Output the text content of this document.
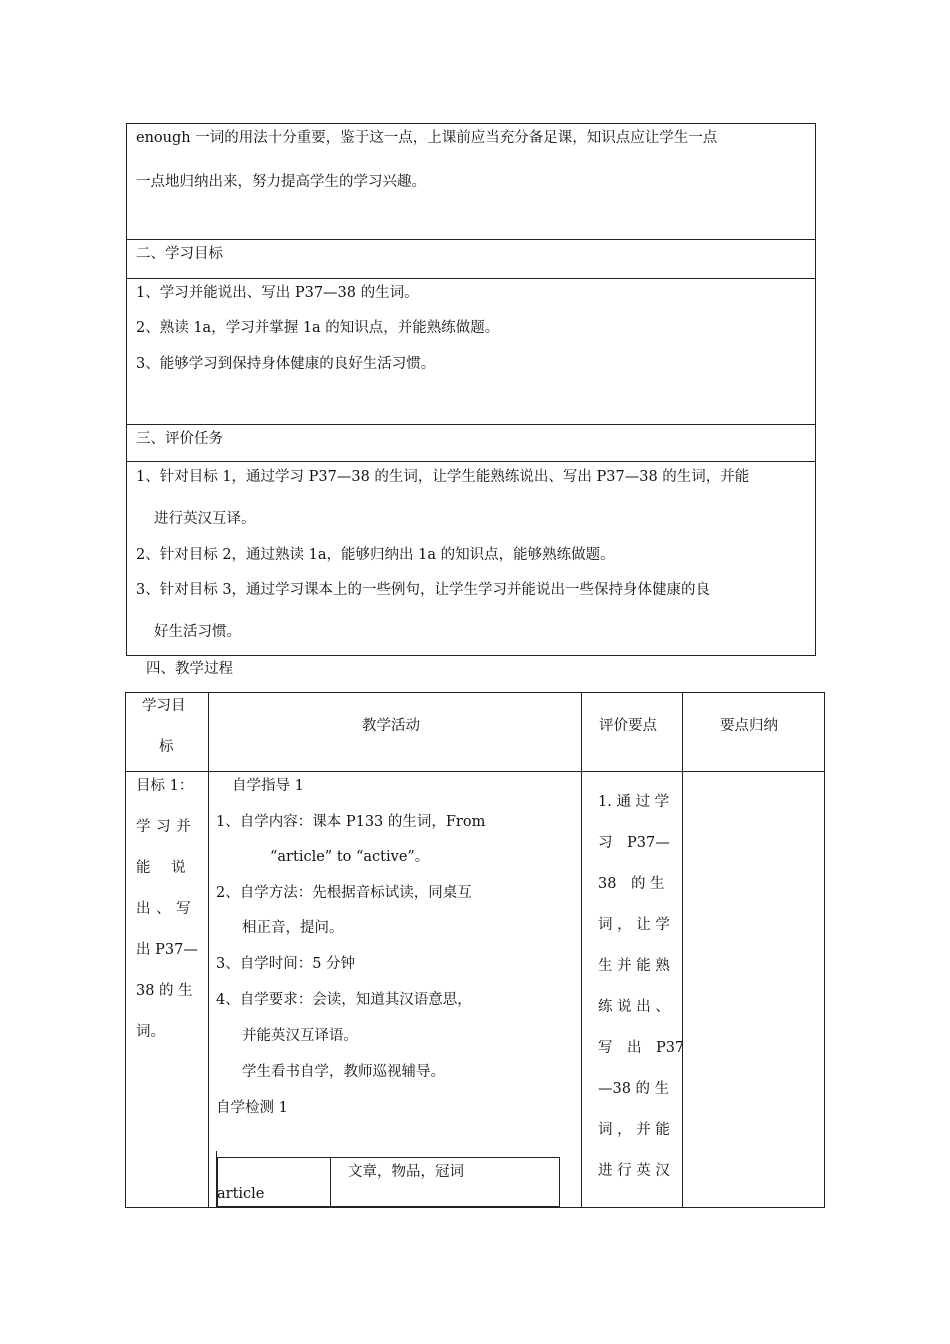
enough 一词的用法十分重要，鉴于这一点，上课前应当充分备足课，知识点应让学生一点
一点地归纳出来，努力提高学生的学习兴趣。
二、学习目标
1、学习并能说出、写出 P37—38 的生词。
2、熟读 1a，学习并掌握 1a 的知识点，并能熟练做题。
3、能够学习到保持身体健康的良好生活习惯。
三、评价任务
1、针对目标 1，通过学习 P37—38 的生词，让学生能熟练说出、写出 P37—38 的生词，并能
进行英汉互译。
2、针对目标 2，通过熟读 1a，能够归纳出 1a 的知识点，能够熟练做题。
3、针对目标 3，通过学习课本上的一些例句，让学生学习并能说出一些保持身体健康的良
好生活习惯。
四、教学过程
学习目
标
教学活动	评价要点	要点归纳
目标 1：
学 习 并
能　 说
出 、 写
出 P37—
38 的 生
词。
自学指导 1
1、自学内容：课本 P133 的生词，From
“article” to “active”。
2、自学方法：先根据音标试读，同桌互
相正音，提问。
3、自学时间：5 分钟
4、自学要求：会读，知道其汉语意思，
并能英汉互译语。
学生看书自学，教师巡视辅导。
自学检测 1
article
文章，物品，冠词
1. 通 过 学
习　P37—
38　的 生
词 ， 让 学
生 并 能 熟
练 说 出 、
写　出　P37
—38 的 生
词 ， 并 能
进 行 英 汉
